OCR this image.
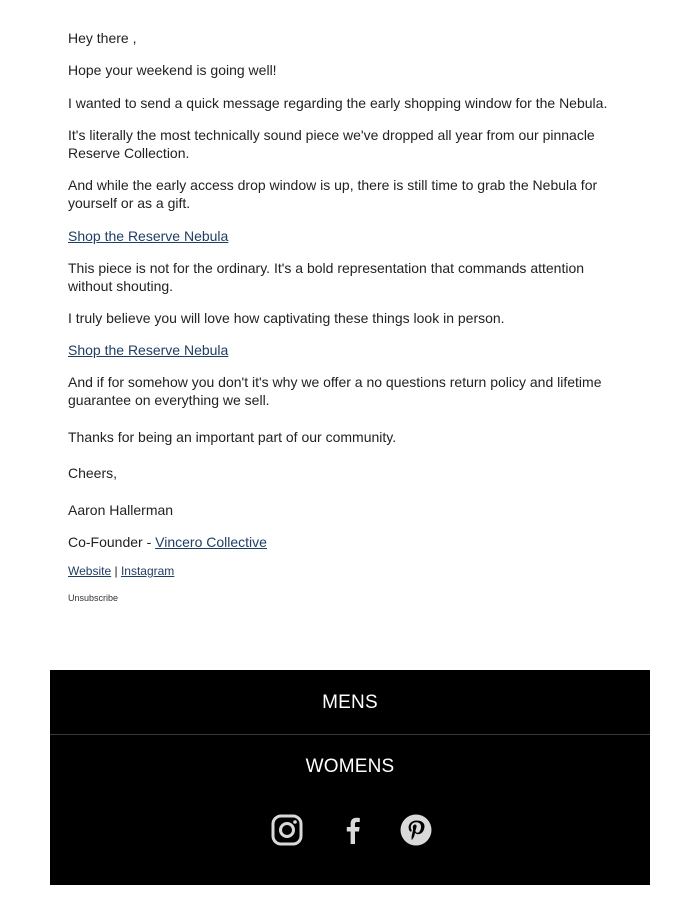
Hey there ,

Hope your weekend is going well!

I wanted to send a quick message regarding the early shopping window for the Nebula.

It's literally the most technically sound piece we've dropped all year from our pinnacle
Reserve Collection.

And while the early access drop window is up, there is still time to grab the Nebula for
yourself or as a gift.

Shop the Reserve Nebula

This piece is not for the ordinary. It's a bold representation that commands attention
without shouting.

I truly believe you will love how captivating these things look in person.

Shop the Reserve Nebula

And if for somehow you don't it's why we offer a no questions return policy and lifetime
guarantee on everything we sell.

Thanks for being an important part of our community.

Cheers,

Aaron Hallerman

Co-Founder - Vincero Collective

Website | Instagram

Unsubscribe

MENS
WOMENS
